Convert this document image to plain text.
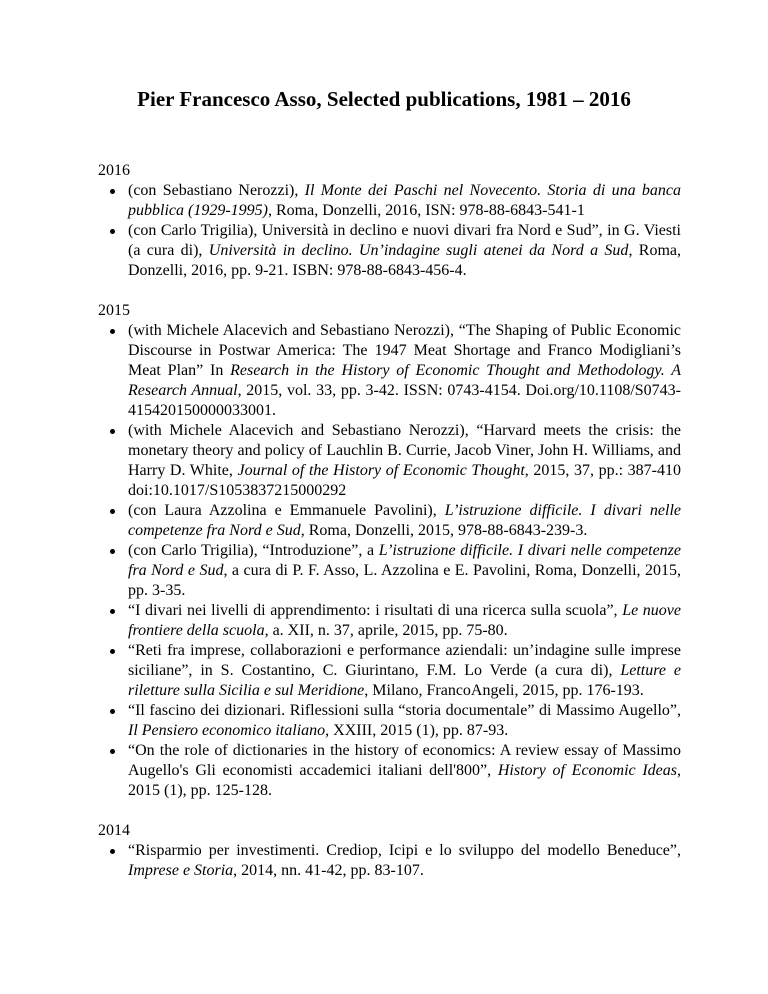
Pier Francesco Asso, Selected publications, 1981 – 2016
2016
(con Sebastiano Nerozzi), Il Monte dei Paschi nel Novecento. Storia di una banca pubblica (1929-1995), Roma, Donzelli, 2016, ISN: 978-88-6843-541-1
(con Carlo Trigilia), Università in declino e nuovi divari fra Nord e Sud”, in G. Viesti (a cura di), Università in declino. Un’indagine sugli atenei da Nord a Sud, Roma, Donzelli, 2016, pp. 9-21. ISBN: 978-88-6843-456-4.
2015
(with Michele Alacevich and Sebastiano Nerozzi), “The Shaping of Public Economic Discourse in Postwar America: The 1947 Meat Shortage and Franco Modigliani’s Meat Plan” In Research in the History of Economic Thought and Methodology. A Research Annual, 2015, vol. 33, pp. 3-42. ISSN: 0743-4154. Doi.org/10.1108/S0743-415420150000033001.
(with Michele Alacevich and Sebastiano Nerozzi), “Harvard meets the crisis: the monetary theory and policy of Lauchlin B. Currie, Jacob Viner, John H. Williams, and Harry D. White, Journal of the History of Economic Thought, 2015, 37, pp.: 387-410 doi:10.1017/S1053837215000292
(con Laura Azzolina e Emmanuele Pavolini), L’istruzione difficile. I divari nelle competenze fra Nord e Sud, Roma, Donzelli, 2015, 978-88-6843-239-3.
(con Carlo Trigilia), “Introduzione”, a L’istruzione difficile. I divari nelle competenze fra Nord e Sud, a cura di P. F. Asso, L. Azzolina e E. Pavolini, Roma, Donzelli, 2015, pp. 3-35.
“I divari nei livelli di apprendimento: i risultati di una ricerca sulla scuola”, Le nuove frontiere della scuola, a. XII, n. 37, aprile, 2015, pp. 75-80.
“Reti fra imprese, collaborazioni e performance aziendali: un’indagine sulle imprese siciliane”, in S. Costantino, C. Giurintano, F.M. Lo Verde (a cura di), Letture e riletture sulla Sicilia e sul Meridione, Milano, FrancoAngeli, 2015, pp. 176-193.
“Il fascino dei dizionari. Riflessioni sulla “storia documentale” di Massimo Augello”, Il Pensiero economico italiano, XXIII, 2015 (1), pp. 87-93.
“On the role of dictionaries in the history of economics: A review essay of Massimo Augello's Gli economisti accademici italiani dell'800”, History of Economic Ideas, 2015 (1), pp. 125-128.
2014
“Risparmio per investimenti. Crediop, Icipi e lo sviluppo del modello Beneduce”, Imprese e Storia, 2014, nn. 41-42, pp. 83-107.
